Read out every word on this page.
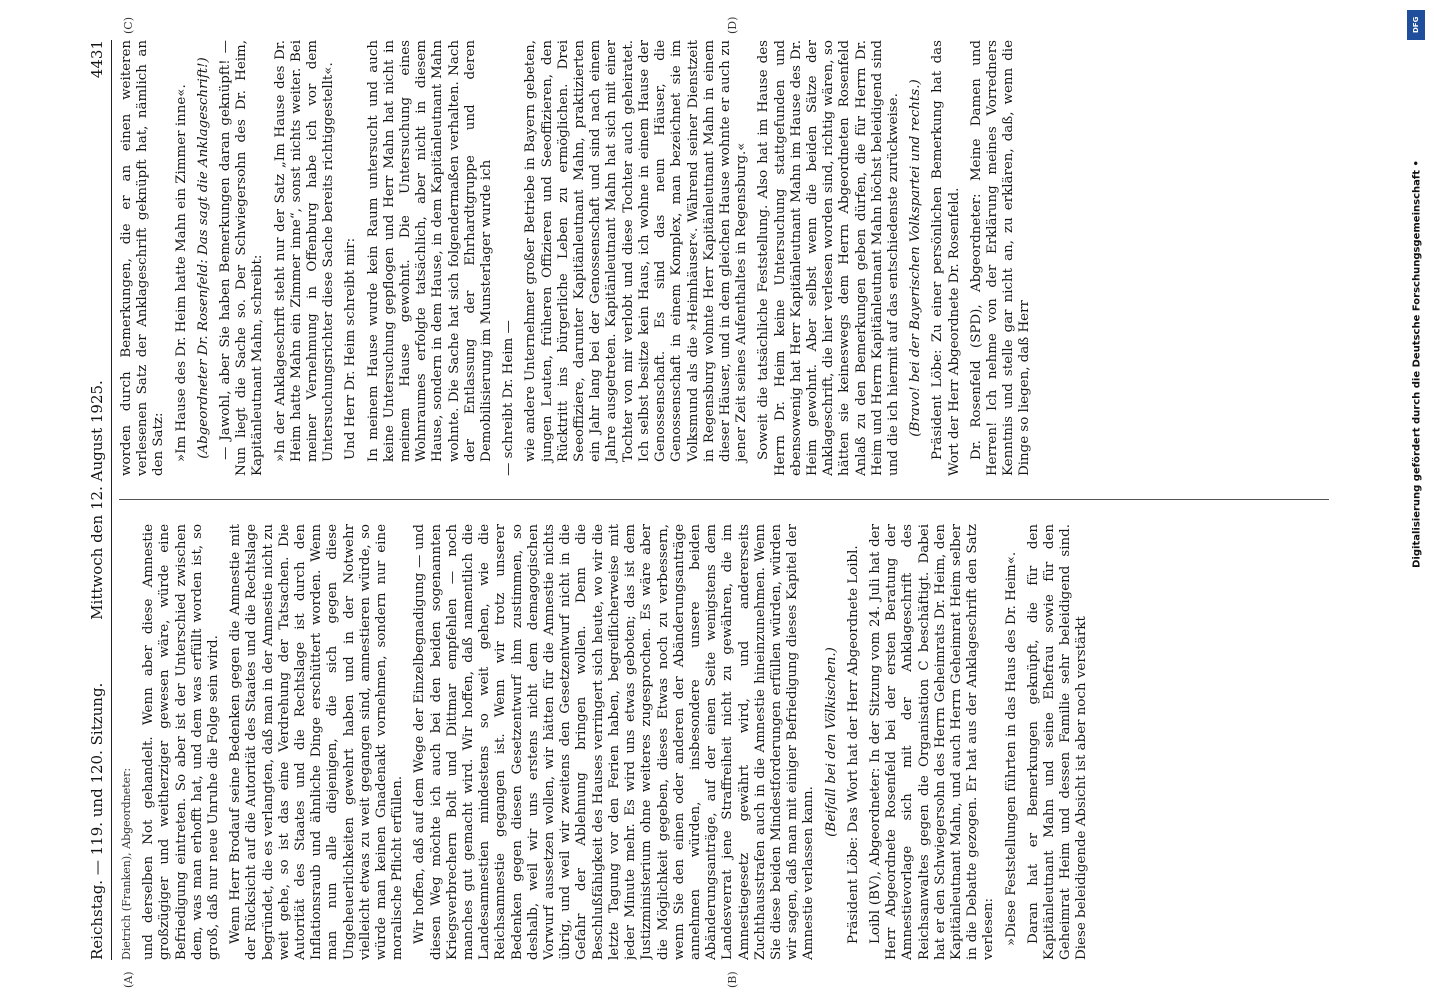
Reichstag. — 119. und 120. Sitzung.
Mittwoch den 12. August 1925.
4431
(A)	(B)
(C)	(D)

Dietrich (Franken), Abgeordneter: und derselben Not gehandelt. Wenn aber diese Amnestie großzügiger und weitherziger gewesen wäre, würde eine Befriedigung eintreten. So aber ist der Unterschied zwischen dem, was man erhofft hat, und dem was erfüllt worden ist, so groß, daß nur neue Unruhe die Folge sein wird. Wenn Herr Brodauf seine Bedenken gegen die Amnestie mit der Rücksicht auf die Autorität des Staates und die Rechtslage begründet, die es verlangten, daß man in der Amnestie nicht zu weit gehe, so ist das eine Verdrehung der Tatsachen. Die Autorität des Staates und die Rechtslage ist durch den Inflationsraub und ähnliche Dinge erschüttert worden. Wenn man nun alle diejenigen, die sich gegen diese Ungeheuerlichkeiten gewehrt haben und in der Notwehr vielleicht etwas zu weit gegangen sind, amnestieren würde, so würde man keinen Gnadenakt vornehmen, sondern nur eine moralische Pflicht erfüllen. Wir hoffen, daß auf dem Wege der Einzelbegnadigung — und diesen Weg möchte ich auch bei den beiden sogenannten Kriegsverbrechern Bolt und Dittmar empfehlen — noch manches gut gemacht wird. Wir hoffen, daß namentlich die Landesamnestien mindestens so weit gehen, wie die Reichsamnestie gegangen ist. Wenn wir trotz unserer Bedenken gegen diesen Gesetzentwurf ihm zustimmen, so deshalb, weil wir uns erstens nicht dem demagogischen Vorwurf aussetzen wollen, wir hätten für die Amnestie nichts übrig, und weil wir zweitens den Gesetzentwurf nicht in die Gefahr der Ablehnung bringen wollen. Denn die Beschlußfähigkeit des Hauses verringert sich heute, wo wir die letzte Tagung vor den Ferien haben, begreiflicherweise mit jeder Minute mehr. Es wird uns etwas geboten; das ist dem Justizministerium ohne weiteres zugesprochen. Es wäre aber die Möglichkeit gegeben, dieses Etwas noch zu verbessern, wenn Sie den einen oder anderen der Abänderungsanträge annehmen würden, insbesondere unsere beiden Abänderungsanträge, auf der einen Seite wenigstens dem Landesverrat jene Straffreiheit nicht zu gewähren, die im Amnestiegesetz gewährt wird, und andererseits Zuchthausstrafen auch in die Amnestie hineinzunehmen. Wenn Sie diese beiden Mindestforderungen erfüllen würden, würden wir sagen, daß man mit einiger Befriedigung dieses Kapitel der Amnestie verlassen kann.

(Beifall bei den Völkischen.) Präsident Löbe: Das Wort hat der Herr Abgeordnete Loibl. Loibl (BV), Abgeordneter: In der Sitzung vom 24. Juli hat der Herr Abgeordnete Rosenfeld bei der ersten Beratung der Amnestievorlage sich mit der Anklageschrift des Reichsanwaltes gegen die Organisation C beschäftigt. Dabei hat er den Schwiegersohn des Herrn Geheimrats Dr. Heim, den Kapitänleutnant Mahn, und auch Herrn Geheimrat Heim selber in die Debatte gezogen. Er hat aus der Anklageschrift den Satz verlesen: »Diese Feststellungen führten in das Haus des Dr. Heim«. Daran hat er Bemerkungen geknüpft, die für den Kapitänleutnant Mahn und seine Ehefrau sowie für den Geheimrat Heim und dessen Familie sehr beleidigend sind. Diese beleidigende Absicht ist aber noch verstärkt

worden durch Bemerkungen, die er an einen weiteren verlesenen Satz der Anklageschrift geknüpft hat, nämlich an den Satz: »Im Hause des Dr. Heim hatte Mahn ein Zimmer inne«. (Abgeordneter Dr. Rosenfeld: Das sagt die Anklageschrift!) — Jawohl, aber Sie haben Bemerkungen daran geknüpft! — Nun liegt die Sache so. Der Schwiegersohn des Dr. Heim, Kapitänleutnant Mahn, schreibt: »In der Anklageschrift steht nur der Satz „Im Hause des Dr. Heim hatte Mahn ein Zimmer inne“, sonst nichts weiter. Bei meiner Vernehmung in Offenburg habe ich vor dem Untersuchungsrichter diese Sache bereits richtiggestellt«. Und Herr Dr. Heim schreibt mir: In meinem Hause wurde kein Raum untersucht und auch keine Untersuchung gepflogen und Herr Mahn hat nicht in meinem Hause gewohnt. Die Untersuchung eines Wohnraumes erfolgte tatsächlich, aber nicht in diesem Hause, sondern in dem Hause, in dem Kapitänleutnant Mahn wohnte. Die Sache hat sich folgendermaßen verhalten. Nach der Entlassung der Ehrhardtgruppe und deren Demobilisierung im Munsterlager wurde ich — schreibt Dr. Heim — wie andere Unternehmer großer Betriebe in Bayern gebeten, jungen Leuten, früheren Offizieren und Seeoffizieren, den Rücktritt ins bürgerliche Leben zu ermöglichen. Drei Seeoffiziere, darunter Kapitänleutnant Mahn, praktizierten ein Jahr lang bei der Genossenschaft und sind nach einem Jahre ausgetreten. Kapitänleutnant Mahn hat sich mit einer Tochter von mir verlobt und diese Tochter auch geheiratet. Ich selbst besitze kein Haus, ich wohne in einem Hause der Genossenschaft. Es sind das neun Häuser, die Genossenschaft in einem Komplex, man bezeichnet sie im Volksmund als die »Heimhäuser«. Während seiner Dienstzeit in Regensburg wohnte Herr Kapitänleutnant Mahn in einem dieser Häuser, und in dem gleichen Hause wohnte er auch zu jener Zeit seines Aufenthaltes in Regensburg.« Soweit die tatsächliche Feststellung. Also hat im Hause des Herrn Dr. Heim keine Untersuchung stattgefunden und ebensowenig hat Herr Kapitänleutnant Mahn im Hause des Dr. Heim gewohnt. Aber selbst wenn die beiden Sätze der Anklageschrift, die hier verlesen worden sind, richtig wären, so hätten sie keineswegs dem Herrn Abgeordneten Rosenfeld Anlaß zu den Bemerkungen geben dürfen, die für Herrn Dr. Heim und Herrn Kapitänleutnant Mahn höchst beleidigend sind und die ich hiermit auf das entschiedenste zurückweise. (Bravo! bei der Bayerischen Volkspartei und rechts.) Präsident Löbe: Zu einer persönlichen Bemerkung hat das Wort der Herr Abgeordnete Dr. Rosenfeld. Dr. Rosenfeld (SPD), Abgeordneter: Meine Damen und Herren! Ich nehme von der Erklärung meines Vorredners Kenntnis und stelle gar nicht an, zu erklären, daß, wenn die Dinge so liegen, daß Herr

DFG
Digitalisierung gefördert durch die Deutsche Forschungsgemeinschaft •
